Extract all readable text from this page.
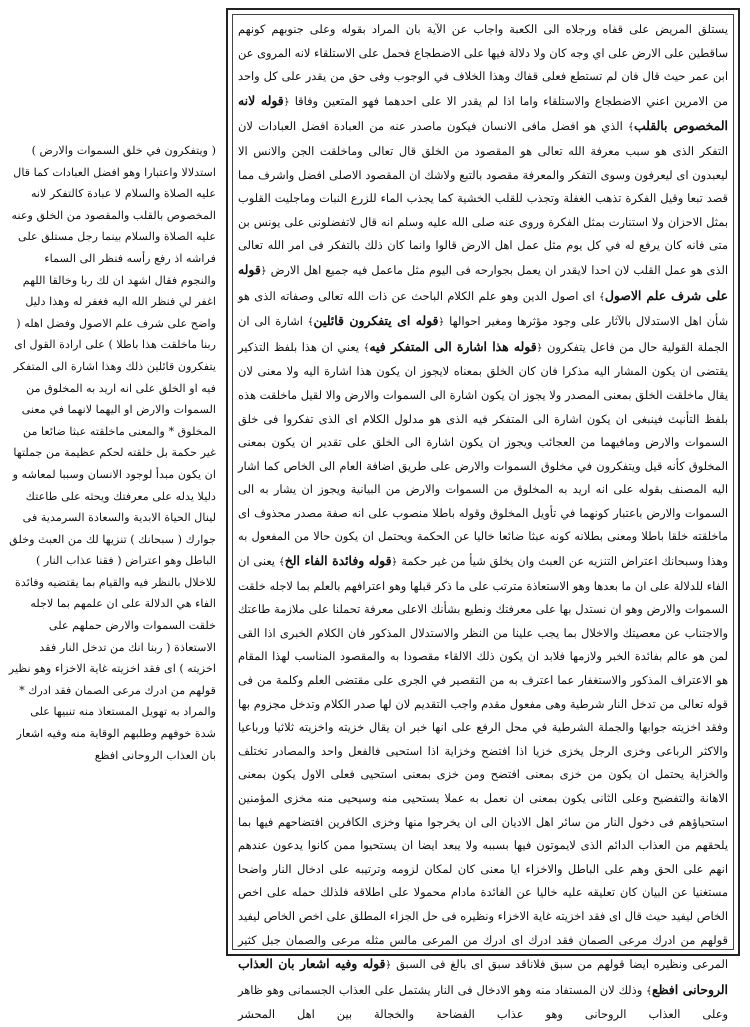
يستلق المريض على قفاه ورجلاه الى الكعبة واجاب عن الآية بان المراد بقوله وعلى جنوبهم كونهم ساقطين على الارض على اي وجه كان ولا دلالة فيها على الاضطجاع فحمل على الاستلقاء لانه المروى عن ابن عمر حيث قال فان لم تستطع فعلى قفاك وهذا الخلاف في الوجوب وفى حق من يقدر على كل واحد من الامرين اعني الاضطجاع والاستلقاء واما اذا لم يقدر الا على احدهما فهو المتعين وفاقا ﴿قوله لانه المخصوص بالقلب﴾ الذي هو افضل مافى الانسان فيكون ماصدر عنه من العبادة افضل العبادات لان التفكر الذى هو سبب معرفة الله تعالى هو المقصود من الخلق قال تعالى وماخلقت الجن والانس الا ليعبدون اى ليعرفون وسوى التفكر والمعرفة مقصود بالتبع ولاشك ان المقصود الاصلى افضل واشرف مما قصد تبعا وقيل الفكرة تذهب الغفلة وتجذب للقلب الخشية كما يجذب الماء للزرع النبات وماجليت القلوب بمثل الاحزان ولا استنارت بمثل الفكرة وروى عنه صلى الله عليه وسلم انه قال لاتفضلونى على يونس بن متى فانه كان يرفع له في كل يوم مثل عمل اهل الارض قالوا وانما كان ذلك بالتفكر فى امر الله تعالى الذى هو عمل القلب لان احدا لايقدر ان يعمل بجوارحه فى اليوم مثل ماعمل فيه جميع اهل الارض ﴿قوله على شرف علم الاصول﴾ اى اصول الدين وهو علم الكلام الباحث عن ذات الله تعالى وصفاته الذى هو شأن اهل الاستدلال بالآثار على وجود مؤثرها ومغير احوالها ﴿قوله اى يتفكرون قائلين﴾ اشارة الى ان الجملة القولية حال من فاعل يتفكرون ﴿قوله هذا اشارة الى المتفكر فيه﴾ يعني ان هذا بلفظ التذكير يقتضى ان يكون المشار اليه مذكرا فان كان الخلق بمعناه لايجوز ان يكون هذا اشارة اليه ولا معنى لان يقال ماخلقت الخلق بمعنى المصدر ولا يجوز ان يكون اشارة الى السموات والارض والا لقيل ماخلقت هذه بلفظ التأنيث فينبغى ان يكون اشارة الى المتفكر فيه الذى هو مدلول الكلام اى الذى تفكروا فى خلق السموات والارض ومافيهما من العجائب ويجوز ان يكون اشارة الى الخلق على تقدير ان يكون بمعنى المخلوق كأنه قيل ويتفكرون في مخلوق السموات والارض على طريق اضافة العام الى الخاص كما اشار اليه المصنف بقوله على انه اريد به المخلوق من السموات والارض من البيانية ويجوز ان يشار به الى السموات والارض باعتبار كونهما في تأويل المخلوق وقوله باطلا منصوب على انه صفة مصدر محذوف اى ماخلقته خلقا باطلا ومعنى بطلانه كونه عبثا ضائعا خاليا عن الحكمة ويحتمل ان يكون حالا من المفعول به وهذا وسبحانك اعتراض التنزيه عن العبث وان يخلق شيأ من غير حكمة ﴿قوله وفائدة الفاء الخ﴾ يعنى ان الفاء للدلالة على ان ما بعدها وهو الاستعاذة مترتب على ما ذكر قبلها وهو اعترافهم بالعلم بما لاجله خلقت السموات والارض وهو ان نستدل بها على معرفتك ونطيع بشأنك الاعلى معرفة تحملنا على ملازمة طاعتك والاجتناب عن معصيتك والاخلال بما يجب علينا من النظر والاستدلال المذكور فان الكلام الخبرى اذا القى لمن هو عالم بفائدة الخبر ولازمها فلابد ان يكون ذلك الالقاء مقصودا به والمقصود المناسب لهذا المقام هو الاعتراف المذكور والاستغفار عما اعترف به من التقصير في الجرى على مقتضى العلم وكلمة من فى قوله تعالى من تدخل النار شرطية وهى مفعول مقدم واجب التقديم لان لها صدر الكلام وتدخل مجزوم بها وفقد اخزيته جوابها والجملة الشرطية في محل الرفع على انها خبر ان يقال خزيته واخزيته ثلاثيا ورباعيا والاكثر الرباعى وخزى الرجل يخزى خزيا اذا افتضح وخزاية اذا استحيى فالفعل واحد والمصادر تختلف والخزاية يحتمل ان يكون من خزى بمعنى افتضح ومن خزى بمعنى استحيى فعلى الاول يكون بمعنى الاهانة والتفضيح وعلى الثانى يكون بمعنى ان نعمل به عملا يستحيى منه وسيحيى منه مخزى المؤمنين استحياؤهم فى دخول النار من سائر اهل الاديان الى ان يخرجوا منها وخزى الكافرين افتضاحهم فيها بما يلحقهم من العذاب الدائم الذى لايموتون فيها بسببه ولا يبعد ايضا ان يستحيوا ممن كانوا يدعون عندهم انهم على الحق وهم على الباطل والاخزاء ايا معنى كان لمكان لزومه وترتيبه على ادخال النار واضحا مستغنيا عن البيان كان تعليقه عليه خاليا عن الفائدة مادام محمولا على اطلاقه فلذلك حمله على اخص الخاص ليفيد حيث قال اى فقد اخزيته غاية الاخزاء ونظيره فى حل الجزاء المطلق على اخص الخاص ليفيد قولهم من ادرك مرعى الصمان فقد ادرك اى ادرك من المرعى مالس مثله مرعى والصمان جبل كثير المرعى ونظيره ايضا قولهم من سبق فلاناقد سبق اى بالغ فى السبق ﴿قوله وفيه اشعار بان العذاب الروحانى افظع﴾ وذلك لان المستفاد منه وهو الادخال فى النار يشتمل على العذاب الجسمانى وهو ظاهر وعلى العذاب الروحانى وهو عذاب الفضاحة والخجالة بين اهل المحشر

( ويتفكرون في خلق السموات والارض ) استدلالا واعتبارا وهو افضل العبادات كما قال عليه الصلاة والسلام لا عبادة كالتفكر لانه المخصوص بالقلب والمقصود من الخلق وعنه عليه الصلاة والسلام بينما رجل مستلق على فراشه اذ رفع رأسه فنظر الى السماء والنجوم فقال اشهد ان لك ربا وخالقا اللهم اغفر لي فنظر الله اليه فغفر له وهذا دليل واضح على شرف علم الاصول وفضل اهله ( ربنا ماخلقت هذا باطلا ) على ارادة القول اى يتفكرون قائلين ذلك وهذا اشارة الى المتفكر فيه او الخلق على انه اريد به المخلوق من السموات والارض او اليهما لانهما في معنى المخلوق * والمعنى ماخلقته عبثا ضائعا من غير حكمة بل خلقته لحكم عظيمة من جملتها ان يكون مبدأ لوجود الانسان وسببا لمعاشه و دليلا يدله على معرفتك ويحثه على طاعتك لينال الحياة الابدية والسعادة السرمدية فى جوارك ( سبحانك ) تنزيها لك من العبث وخلق الباطل وهو اعتراض ( فقنا عذاب النار ) للاخلال بالنظر فيه والقيام بما يقتضيه وفائدة الفاء هي الدلالة على ان علمهم بما لاجله خلقت السموات والارض حملهم على الاستعاذة ( ربنا انك من تدخل النار فقد اخزيته ) اى فقد اخزيته غاية الاخزاء وهو نظير قولهم من ادرك مرعى الصمان فقد ادرك * والمراد به تهويل المستعاذ منه تنبيها على شدة خوفهم وطلبهم الوقاية منه وفيه اشعار بان العذاب الروحانى افظع
